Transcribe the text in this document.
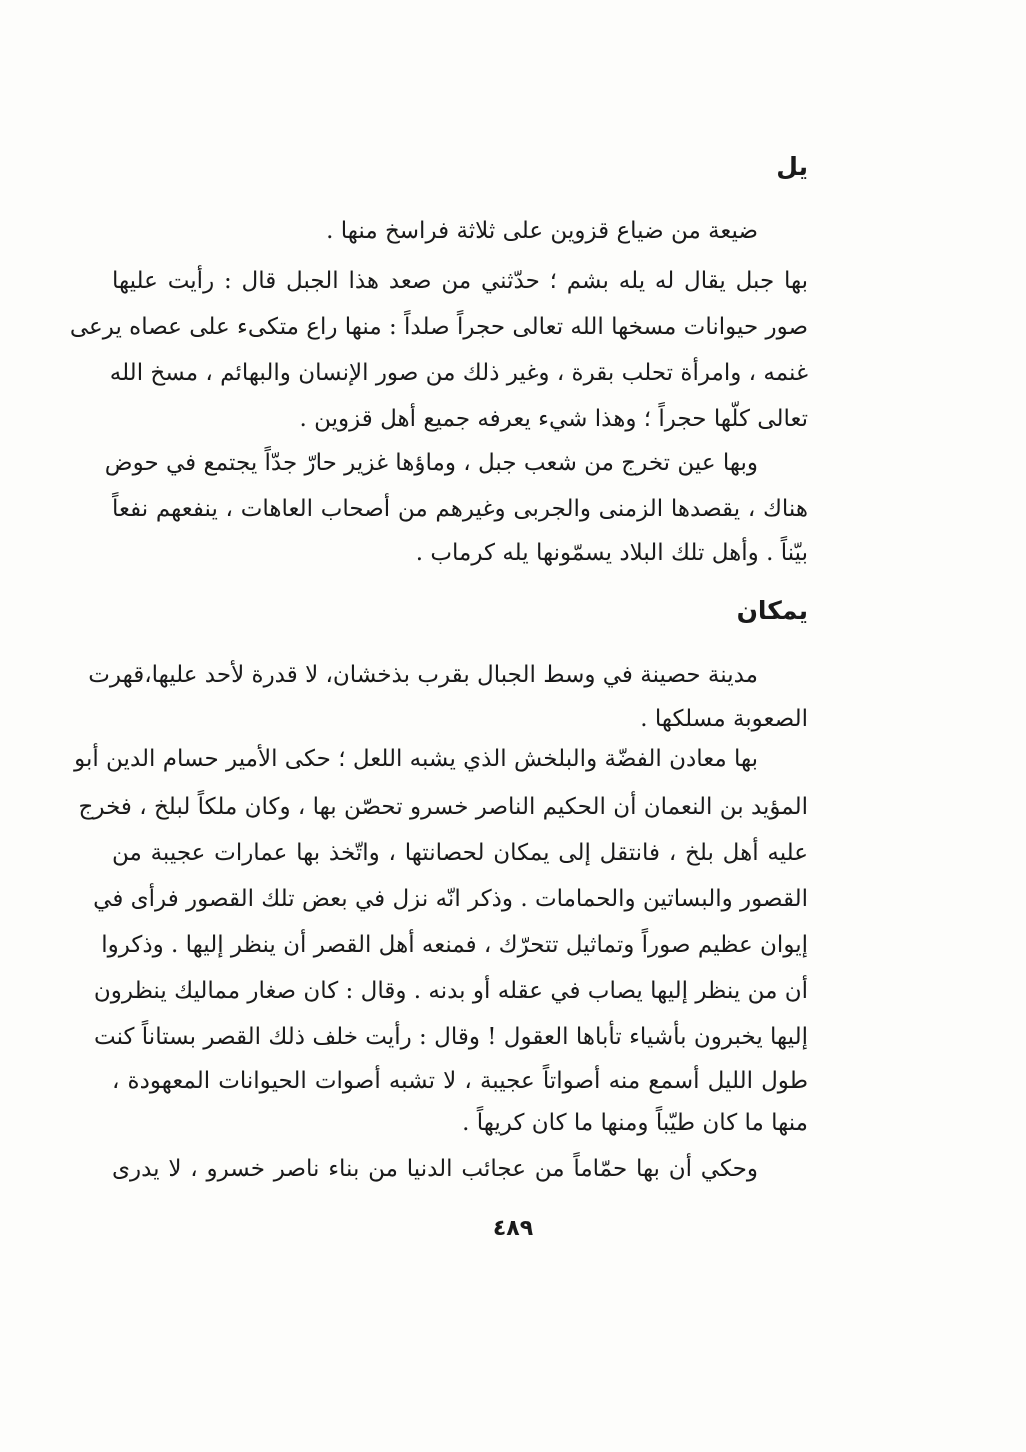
يل
ضيعة من ضياع قزوين على ثلاثة فراسخ منها .
بها جبل يقال له يله بشم ؛ حدّثني من صعد هذا الجبل قال : رأيت عليها
صور حيوانات مسخها الله تعالى حجراً صلداً : منها راع متكىء على عصاه يرعى
غنمه ، وامرأة تحلب بقرة ، وغير ذلك من صور الإنسان والبهائم ، مسخ الله
تعالى كلّها حجراً ؛ وهذا شيء يعرفه جميع أهل قزوين .
وبها عين تخرج من شعب جبل ، وماؤها غزير حارّ جدّاً يجتمع في حوض
هناك ، يقصدها الزمنى والجربى وغيرهم من أصحاب العاهات ، ينفعهم نفعاً
بيّناً . وأهل تلك البلاد يسمّونها يله كرماب .
يمكان
مدينة حصينة في وسط الجبال بقرب بذخشان، لا قدرة لأحد عليها،قهرت
الصعوبة مسلكها .
بها معادن الفضّة والبلخش الذي يشبه اللعل ؛ حكى الأمير حسام الدين أبو
المؤيد بن النعمان أن الحكيم الناصر خسرو تحصّن بها ، وكان ملكاً لبلخ ، فخرج
عليه أهل بلخ ، فانتقل إلى يمكان لحصانتها ، واتّخذ بها عمارات عجيبة من
القصور والبساتين والحمامات . وذكر انّه نزل في بعض تلك القصور فرأى في
إيوان عظيم صوراً وتماثيل تتحرّك ، فمنعه أهل القصر أن ينظر إليها . وذكروا
أن من ينظر إليها يصاب في عقله أو بدنه . وقال : كان صغار مماليك ينظرون
إليها يخبرون بأشياء تأباها العقول ! وقال : رأيت خلف ذلك القصر بستاناً كنت
طول الليل أسمع منه أصواتاً عجيبة ، لا تشبه أصوات الحيوانات المعهودة ،
منها ما كان طيّباً ومنها ما كان كريهاً .
وحكي أن بها حمّاماً من عجائب الدنيا من بناء ناصر خسرو ، لا يدرى
٤٨٩
